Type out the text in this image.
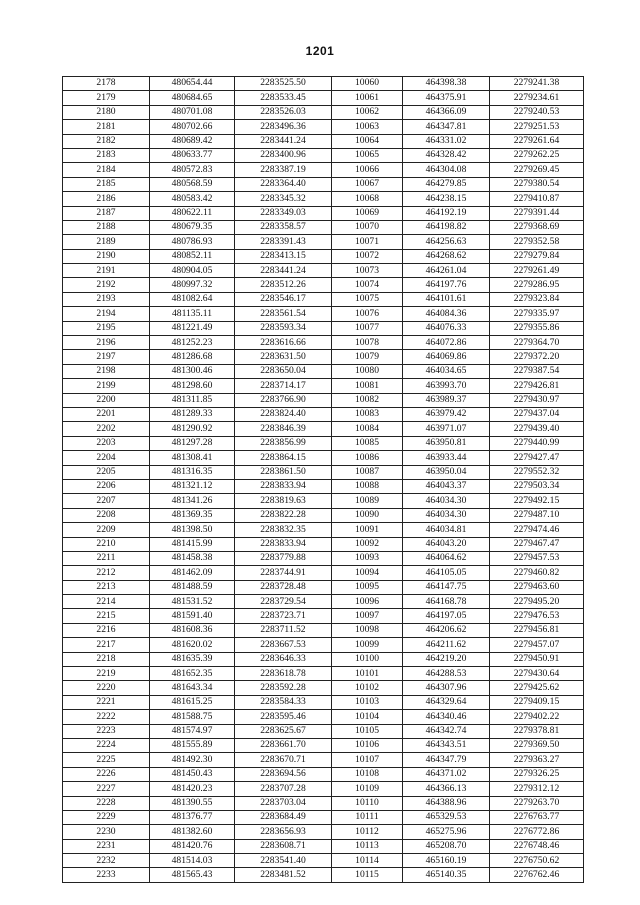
1201
2178	480654.44	2283525.50	10060	464398.38	2279241.38
2179	480684.65	2283533.45	10061	464375.91	2279234.61
2180	480701.08	2283526.03	10062	464366.09	2279240.53
2181	480702.66	2283496.36	10063	464347.81	2279251.53
2182	480689.42	2283441.24	10064	464331.02	2279261.64
2183	480633.77	2283400.96	10065	464328.42	2279262.25
2184	480572.83	2283387.19	10066	464304.08	2279269.45
2185	480568.59	2283364.40	10067	464279.85	2279380.54
2186	480583.42	2283345.32	10068	464238.15	2279410.87
2187	480622.11	2283349.03	10069	464192.19	2279391.44
2188	480679.35	2283358.57	10070	464198.82	2279368.69
2189	480786.93	2283391.43	10071	464256.63	2279352.58
2190	480852.11	2283413.15	10072	464268.62	2279279.84
2191	480904.05	2283441.24	10073	464261.04	2279261.49
2192	480997.32	2283512.26	10074	464197.76	2279286.95
2193	481082.64	2283546.17	10075	464101.61	2279323.84
2194	481135.11	2283561.54	10076	464084.36	2279335.97
2195	481221.49	2283593.34	10077	464076.33	2279355.86
2196	481252.23	2283616.66	10078	464072.86	2279364.70
2197	481286.68	2283631.50	10079	464069.86	2279372.20
2198	481300.46	2283650.04	10080	464034.65	2279387.54
2199	481298.60	2283714.17	10081	463993.70	2279426.81
2200	481311.85	2283766.90	10082	463989.37	2279430.97
2201	481289.33	2283824.40	10083	463979.42	2279437.04
2202	481290.92	2283846.39	10084	463971.07	2279439.40
2203	481297.28	2283856.99	10085	463950.81	2279440.99
2204	481308.41	2283864.15	10086	463933.44	2279427.47
2205	481316.35	2283861.50	10087	463950.04	2279552.32
2206	481321.12	2283833.94	10088	464043.37	2279503.34
2207	481341.26	2283819.63	10089	464034.30	2279492.15
2208	481369.35	2283822.28	10090	464034.30	2279487.10
2209	481398.50	2283832.35	10091	464034.81	2279474.46
2210	481415.99	2283833.94	10092	464043.20	2279467.47
2211	481458.38	2283779.88	10093	464064.62	2279457.53
2212	481462.09	2283744.91	10094	464105.05	2279460.82
2213	481488.59	2283728.48	10095	464147.75	2279463.60
2214	481531.52	2283729.54	10096	464168.78	2279495.20
2215	481591.40	2283723.71	10097	464197.05	2279476.53
2216	481608.36	2283711.52	10098	464206.62	2279456.81
2217	481620.02	2283667.53	10099	464211.62	2279457.07
2218	481635.39	2283646.33	10100	464219.20	2279450.91
2219	481652.35	2283618.78	10101	464288.53	2279430.64
2220	481643.34	2283592.28	10102	464307.96	2279425.62
2221	481615.25	2283584.33	10103	464329.64	2279409.15
2222	481588.75	2283595.46	10104	464340.46	2279402.22
2223	481574.97	2283625.67	10105	464342.74	2279378.81
2224	481555.89	2283661.70	10106	464343.51	2279369.50
2225	481492.30	2283670.71	10107	464347.79	2279363.27
2226	481450.43	2283694.56	10108	464371.02	2279326.25
2227	481420.23	2283707.28	10109	464366.13	2279312.12
2228	481390.55	2283703.04	10110	464388.96	2279263.70
2229	481376.77	2283684.49	10111	465329.53	2276763.77
2230	481382.60	2283656.93	10112	465275.96	2276772.86
2231	481420.76	2283608.71	10113	465208.70	2276748.46
2232	481514.03	2283541.40	10114	465160.19	2276750.62
2233	481565.43	2283481.52	10115	465140.35	2276762.46
